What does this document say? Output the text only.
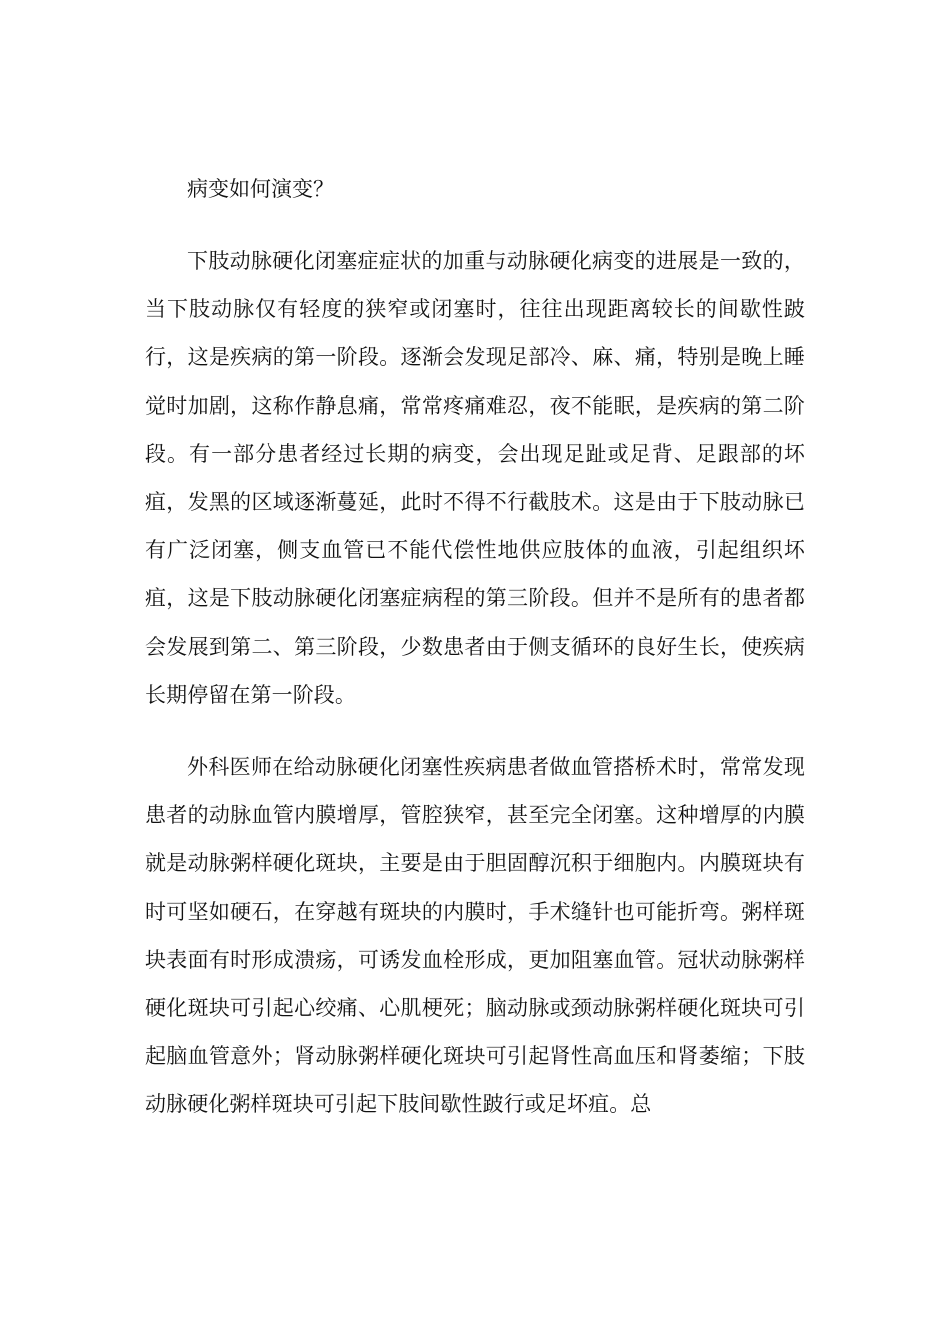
病变如何演变？

下肢动脉硬化闭塞症症状的加重与动脉硬化病变的进展是一致的，当下肢动脉仅有轻度的狭窄或闭塞时，往往出现距离较长的间歇性跛行，这是疾病的第一阶段。逐渐会发现足部冷、麻、痛，特别是晚上睡觉时加剧，这称作静息痛，常常疼痛难忍，夜不能眠，是疾病的第二阶段。有一部分患者经过长期的病变，会出现足趾或足背、足跟部的坏疽，发黑的区域逐渐蔓延，此时不得不行截肢术。这是由于下肢动脉已有广泛闭塞，侧支血管已不能代偿性地供应肢体的血液，引起组织坏疽，这是下肢动脉硬化闭塞症病程的第三阶段。但并不是所有的患者都会发展到第二、第三阶段，少数患者由于侧支循环的良好生长，使疾病长期停留在第一阶段。

外科医师在给动脉硬化闭塞性疾病患者做血管搭桥术时，常常发现患者的动脉血管内膜增厚，管腔狭窄，甚至完全闭塞。这种增厚的内膜就是动脉粥样硬化斑块，主要是由于胆固醇沉积于细胞内。内膜斑块有时可坚如硬石，在穿越有斑块的内膜时，手术缝针也可能折弯。粥样斑块表面有时形成溃疡，可诱发血栓形成，更加阻塞血管。冠状动脉粥样硬化斑块可引起心绞痛、心肌梗死；脑动脉或颈动脉粥样硬化斑块可引起脑血管意外；肾动脉粥样硬化斑块可引起肾性高血压和肾萎缩；下肢动脉硬化粥样斑块可引起下肢间歇性跛行或足坏疽。总
